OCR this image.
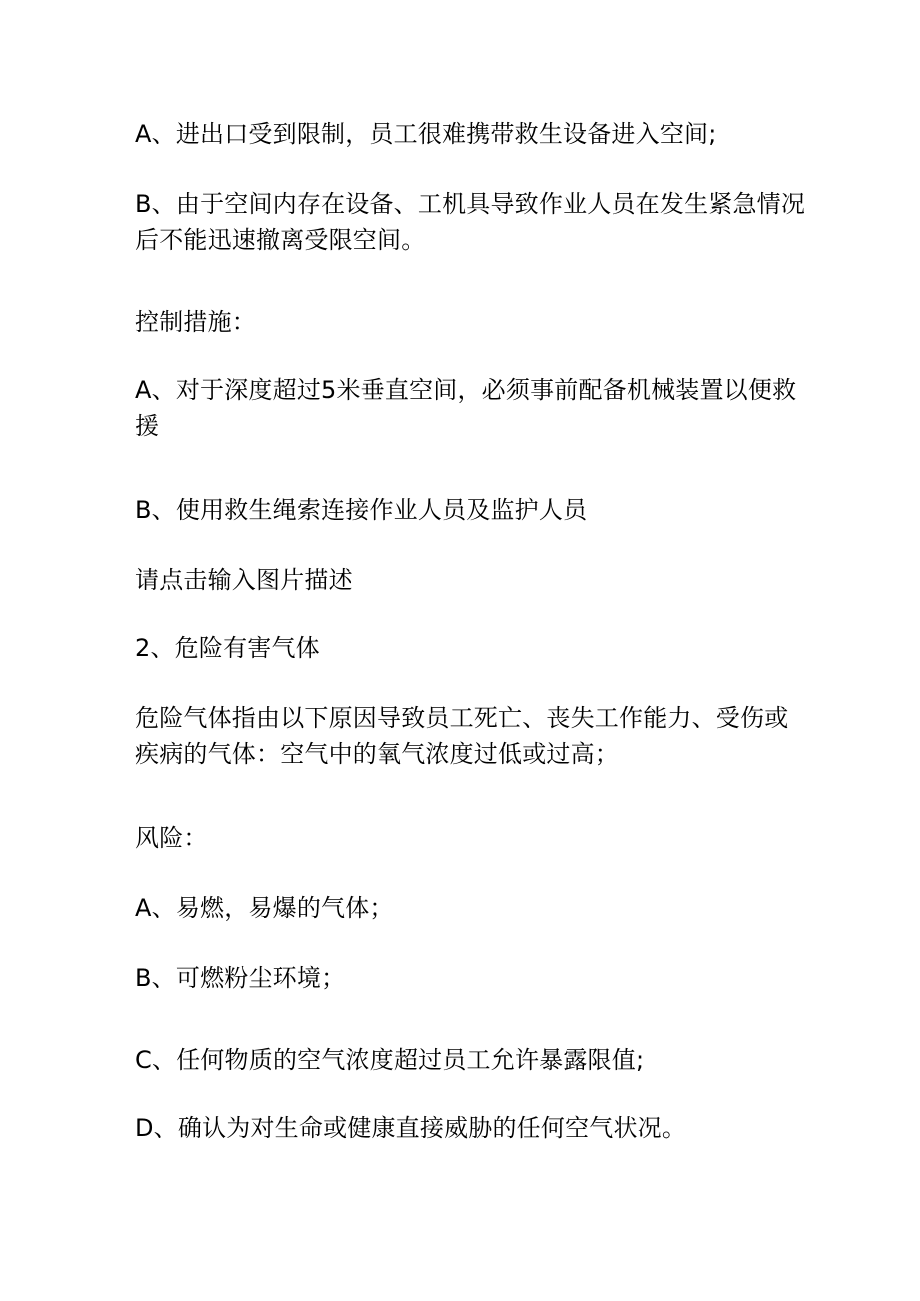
A、进出口受到限制，员工很难携带救生设备进入空间;

B、由于空间内存在设备、工机具导致作业人员在发生紧急情况
后不能迅速撤离受限空间。

控制措施：

A、对于深度超过5米垂直空间，必须事前配备机械装置以便救
援

B、使用救生绳索连接作业人员及监护人员

请点击输入图片描述

2、危险有害气体

危险气体指由以下原因导致员工死亡、丧失工作能力、受伤或
疾病的气体：空气中的氧气浓度过低或过高；

风险：

A、易燃，易爆的气体；

B、可燃粉尘环境；

C、任何物质的空气浓度超过员工允许暴露限值;

D、确认为对生命或健康直接威胁的任何空气状况。
